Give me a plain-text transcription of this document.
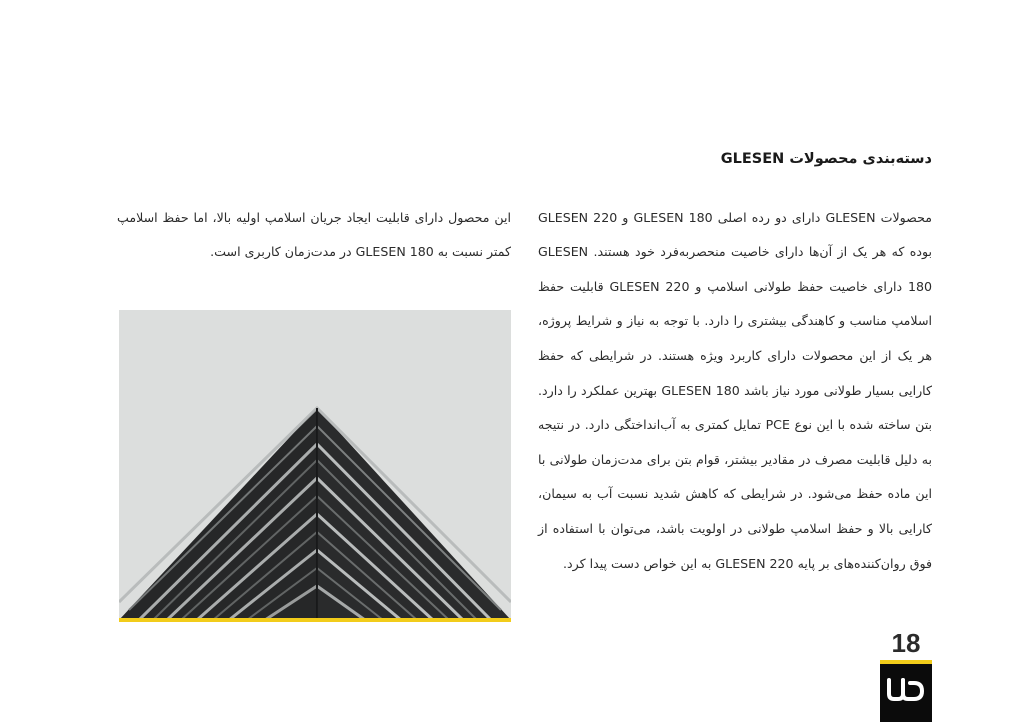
دسته‌بندی محصولات GLESEN

محصولات GLESEN دارای دو رده اصلی GLESEN 180 و GLESEN 220 بوده که هر یک از آن‌ها دارای خاصیت منحصربه‌فرد خود هستند. GLESEN 180 دارای خاصیت حفظ طولانی اسلامپ و GLESEN 220 قابلیت حفظ اسلامپ مناسب و کاهندگی بیشتری را دارد. با توجه به نیاز و شرایط پروژه، هر یک از این محصولات دارای کاربرد ویژه هستند. در شرایطی که حفظ کارایی بسیار طولانی مورد نیاز باشد GLESEN 180 بهترین عملکرد را دارد. بتن ساخته شده با این نوع PCE تمایل کمتری به آب‌انداختگی دارد. در نتیجه به دلیل قابلیت مصرف در مقادیر بیشتر، قوام بتن برای مدت‌زمان طولانی با این ماده حفظ می‌شود. در شرایطی که کاهش شدید نسبت آب به سیمان، کارایی بالا و حفظ اسلامپ طولانی در اولویت باشد، می‌توان با استفاده از فوق روان‌کننده‌های بر پایه GLESEN 220 به این خواص دست پیدا کرد.

این محصول دارای قابلیت ایجاد جریان اسلامپ اولیه بالا، اما حفظ اسلامپ کمتر نسبت به GLESEN 180 در مدت‌زمان کاربری است.

18
